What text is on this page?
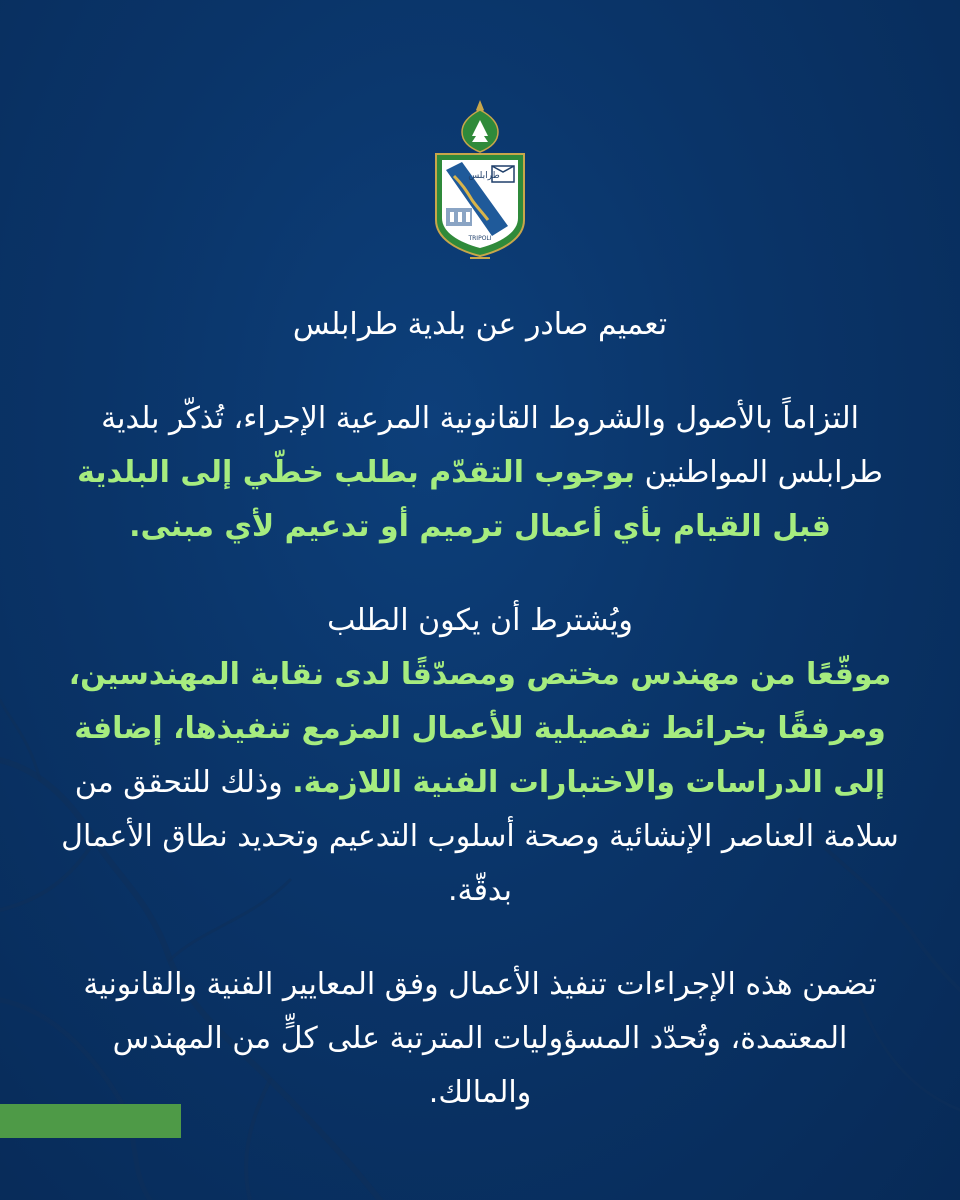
طرابلس
TRIPOLI

تعميم صادر عن بلدية طرابلس

التزاماً بالأصول والشروط القانونية المرعية الإجراء، تُذكّر بلدية طرابلس المواطنين بوجوب التقدّم بطلب خطّي إلى البلدية قبل القيام بأي أعمال ترميم أو تدعيم لأي مبنى.

ويُشترط أن يكون الطلب

موقّعًا من مهندس مختص ومصدّقًا لدى نقابة المهندسين، ومرفقًا بخرائط تفصيلية للأعمال المزمع تنفيذها، إضافة إلى الدراسات والاختبارات الفنية اللازمة. وذلك للتحقق من سلامة العناصر الإنشائية وصحة أسلوب التدعيم وتحديد نطاق الأعمال بدقّة.

تضمن هذه الإجراءات تنفيذ الأعمال وفق المعايير الفنية والقانونية المعتمدة، وتُحدّد المسؤوليات المترتبة على كلٍّ من المهندس والمالك.
